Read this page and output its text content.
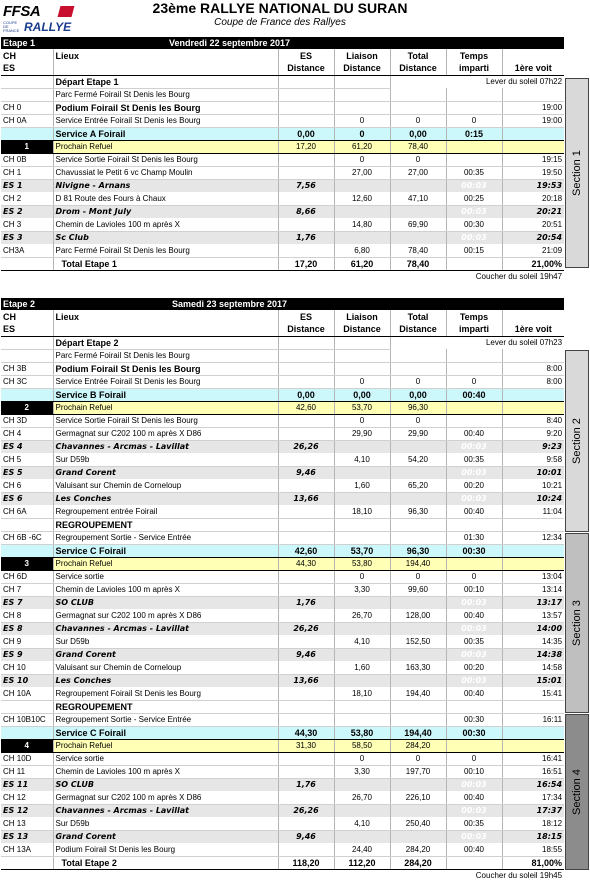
FFSA
COUPE DE FRANCE RALLYE
23ème RALLYE NATIONAL DU SURAN
Coupe de France des Rallyes
Etape 1	Vendredi 22 septembre 2017					
CH	Lieux	ES	Liaison	Total	Temps	
ES		Distance	Distance	Distance	imparti	1ère voit
	Départ Etape 1			Lever du soleil 07h22		
	Parc Fermé Foirail St Denis les Bourg					
CH 0	Podium Foirail St Denis les Bourg					19:00
CH 0A	Service Entrée Foirail St Denis les Bourg		0	0	0	19:00
	Service A Foirail	0,00	0	0,00	0:15	
1	Prochain Refuel	17,20	61,20	78,40		
CH 0B	Service Sortie Foirail St Denis les Bourg		0	0		19:15
CH 1	Chavussiat le Petit 6 vc Champ Moulin		27,00	27,00	00:35	19:50
ES 1	Nivigne - Arnans	7,56			00:03	19:53
CH 2	D 81 Route des Fours à Chaux		12,60	47,10	00:25	20:18
ES 2	Drom - Mont July	8,66			00:03	20:21
CH 3	Chemin de Lavioles 100 m après X		14,80	69,90	00:30	20:51
ES 3	Sc Club	1,76			00:03	20:54
CH3A	Parc Fermé Foirail St Denis les Bourg		6,80	78,40	00:15	21:09
	Total Etape 1	17,20	61,20	78,40		21,00%
Coucher du soleil 19h47						
Etape 2	Samedi 23 septembre 2017					
CH	Lieux	ES	Liaison	Total	Temps	
ES		Distance	Distance	Distance	imparti	1ère voit
	Départ Etape 2			Lever du soleil 07h23		
	Parc Fermé Foirail St Denis les Bourg					
CH 3B	Podium Foirail St Denis les Bourg					8:00
CH 3C	Service Entrée Foirail St Denis les Bourg		0	0	0	8:00
	Service B Foirail	0,00	0,00	0,00	00:40	
2	Prochain Refuel	42,60	53,70	96,30		
CH 3D	Service Sortie Foirail St Denis les Bourg		0	0		8:40
CH 4	Germagnat sur C202 100 m après X D86		29,90	29,90	00:40	9:20
ES 4	Chavannes - Arcmas - Lavillat	26,26			00:03	9:23
CH 5	Sur D59b		4,10	54,20	00:35	9:58
ES 5	Grand Corent	9,46			00:03	10:01
CH 6	Valuisant sur Chemin de Corneloup		1,60	65,20	00:20	10:21
ES 6	Les Conches	13,66			00:03	10:24
CH 6A	Regroupement entrée Foirail		18,10	96,30	00:40	11:04
	REGROUPEMENT					
CH 6B -6C	Regroupement Sortie - Service Entrée				01:30	12:34
	Service C Foirail	42,60	53,70	96,30	00:30	
3	Prochain Refuel	44,30	53,80	194,40		
CH 6D	Service sortie		0	0	0	13:04
CH 7	Chemin de Lavioles 100 m après X		3,30	99,60	00:10	13:14
ES 7	SO CLUB	1,76			00:03	13:17
CH 8	Germagnat sur C202 100 m après X D86		26,70	128,00	00:40	13:57
ES 8	Chavannes - Arcmas - Lavillat	26,26			00:03	14:00
CH 9	Sur D59b		4,10	152,50	00:35	14:35
ES 9	Grand Corent	9,46			00:03	14:38
CH 10	Valuisant sur Chemin de Corneloup		1,60	163,30	00:20	14:58
ES 10	Les Conches	13,66			00:03	15:01
CH 10A	Regroupement Foirail St Denis les Bourg		18,10	194,40	00:40	15:41
	REGROUPEMENT					
CH 10B10C	Regroupement Sortie - Service Entrée				00:30	16:11
	Service C Foirail	44,30	53,80	194,40	00:30	
4	Prochain Refuel	31,30	58,50	284,20		
CH 10D	Service sortie		0	0	0	16:41
CH 11	Chemin de Lavioles 100 m après X		3,30	197,70	00:10	16:51
ES 11	SO CLUB	1,76			00:03	16:54
CH 12	Germagnat sur C202 100 m après X D86		26,70	226,10	00:40	17:34
ES 12	Chavannes - Arcmas - Lavillat	26,26			00:03	17:37
CH 13	Sur D59b		4,10	250,40	00:35	18:12
ES 13	Grand Corent	9,46			00:03	18:15
CH 13A	Podium Foirail St Denis les Bourg		24,40	284,20	00:40	18:55
	Total Etape 2	118,20	112,20	284,20		81,00%
Coucher du soleil 19h45						
Section 1
Section 2
Section 3
Section 4
